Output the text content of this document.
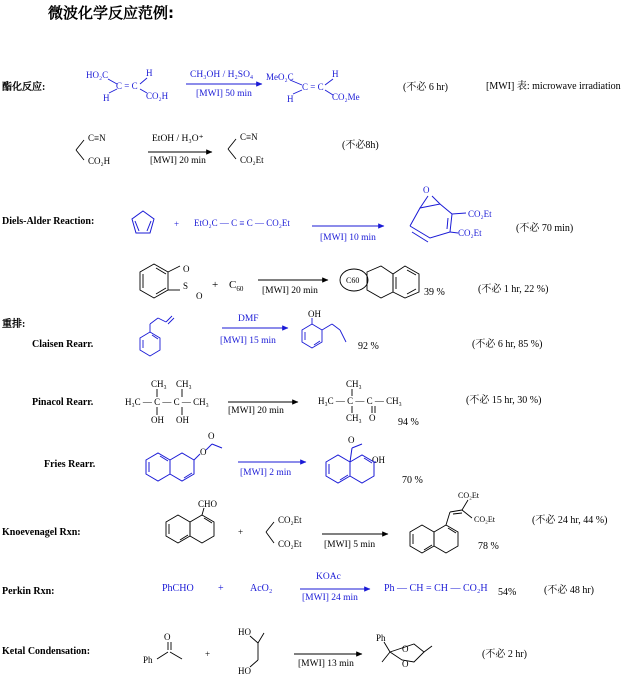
微波化学反应范例:
酯化反应:
Diels-Alder Reaction:
重排:
Claisen Rearr.
Pinacol Rearr.
Fries Rearr.
Knoevenagel Rxn:
Perkin Rxn:
Ketal Condensation:
HO₂C	H
C = C
H	CO₂H
CH₃OH / H₂SO₄
[MWI] 50 min
MeO₂C	H
C = C
H	CO₂Me
(不必 6 hr)	[MWI] 表: microwave irradiation
C≡N
CO₂H
EtOH / H₃O⁺
[MWI] 20 min
C≡N
CO₂Et
(不必8h)
+ EtO₂C — C ≡ C — CO₂Et
[MWI] 10 min
CO₂Et
CO₂Et
O
(不必 70 min)
O
S
O
+ $C_{60}$ [MWI] 20 min
C60
39 %	(不必 1 hr, 22 %)
DMF
[MWI] 15 min
OH
92 %	(不必 6 hr, 85 %)
CH₃ CH₃
H₃C — C — C — CH₃
OH OH
[MWI] 20 min
CH₃
H₃C — C — C — CH₃
CH₃ O 94 %
(不必 15 hr, 30 %)
O
O
[MWI] 2 min
O
OH
70 %
CHO
+
CO₂Et
CO₂Et [MWI] 5 min
CO₂Et
CO₂Et
78 %
(不必 24 hr, 44 %)
PhCHO +	AcO₂
KOAc
[MWI] 24 min
Ph — CH = CH — CO₂H 54%	(不必 48 hr)
O
Ph
+
HO
HO
[MWI] 13 min
Ph
O
O
(不必 2 hr)
